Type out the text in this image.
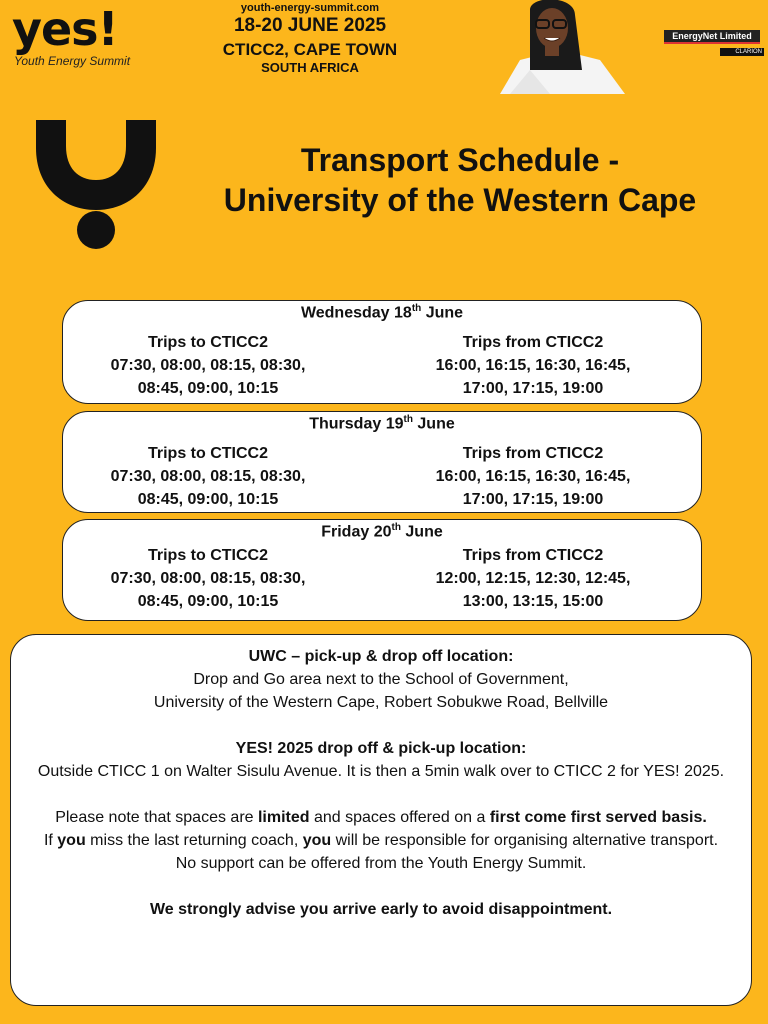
yes!
Youth Energy Summit
youth-energy-summit.com
18-20 JUNE 2025
CTICC2, CAPE TOWN
SOUTH AFRICA
EnergyNet Limited
CLARION
Transport Schedule -
University of the Western Cape
Wednesday 18th June
Trips to CTICC2
07:30, 08:00, 08:15, 08:30,
08:45, 09:00, 10:15
Trips from CTICC2
16:00, 16:15, 16:30, 16:45,
17:00, 17:15, 19:00
Thursday 19th June
Trips to CTICC2
07:30, 08:00, 08:15, 08:30,
08:45, 09:00, 10:15
Trips from CTICC2
16:00, 16:15, 16:30, 16:45,
17:00, 17:15, 19:00
Friday 20th June
Trips to CTICC2
07:30, 08:00, 08:15, 08:30,
08:45, 09:00, 10:15
Trips from CTICC2
12:00, 12:15, 12:30, 12:45,
13:00, 13:15, 15:00

UWC – pick-up & drop off location:

Drop and Go area next to the School of Government,

University of the Western Cape, Robert Sobukwe Road, Bellville

YES! 2025 drop off & pick-up location:

Outside CTICC 1 on Walter Sisulu Avenue. It is then a 5min walk over to CTICC 2 for YES! 2025.

Please note that spaces are limited and spaces offered on a first come first served basis.

If you miss the last returning coach, you will be responsible for organising alternative transport.

No support can be offered from the Youth Energy Summit.

We strongly advise you arrive early to avoid disappointment.
